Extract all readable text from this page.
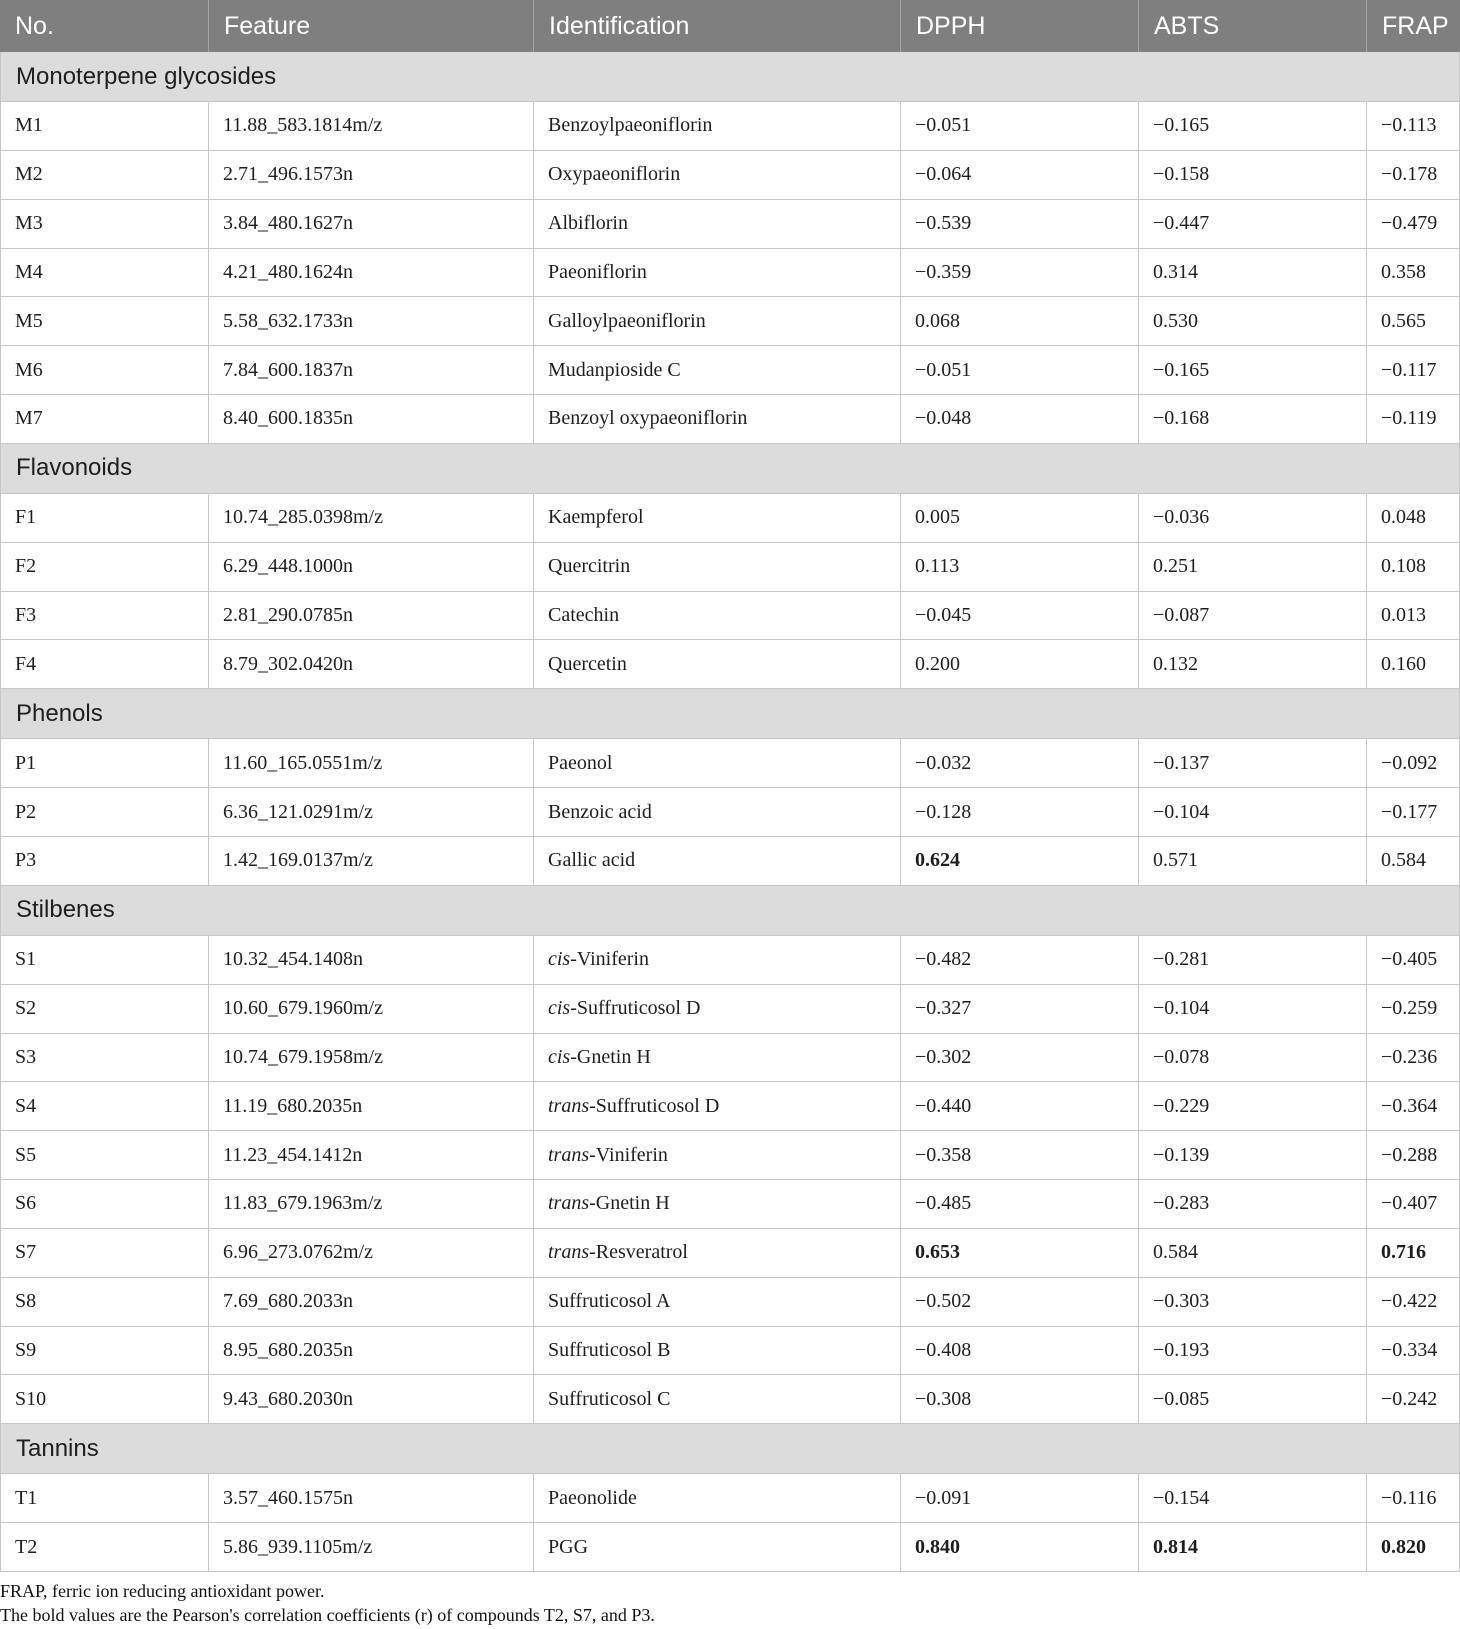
No.	Feature	Identification	DPPH	ABTS	FRAP
Monoterpene glycosides
M1	11.88_583.1814m/z	Benzoylpaeoniflorin	−0.051	−0.165	−0.113
M2	2.71_496.1573n	Oxypaeoniflorin	−0.064	−0.158	−0.178
M3	3.84_480.1627n	Albiflorin	−0.539	−0.447	−0.479
M4	4.21_480.1624n	Paeoniflorin	−0.359	0.314	0.358
M5	5.58_632.1733n	Galloylpaeoniflorin	0.068	0.530	0.565
M6	7.84_600.1837n	Mudanpioside C	−0.051	−0.165	−0.117
M7	8.40_600.1835n	Benzoyl oxypaeoniflorin	−0.048	−0.168	−0.119
Flavonoids
F1	10.74_285.0398m/z	Kaempferol	0.005	−0.036	0.048
F2	6.29_448.1000n	Quercitrin	0.113	0.251	0.108
F3	2.81_290.0785n	Catechin	−0.045	−0.087	0.013
F4	8.79_302.0420n	Quercetin	0.200	0.132	0.160
Phenols
P1	11.60_165.0551m/z	Paeonol	−0.032	−0.137	−0.092
P2	6.36_121.0291m/z	Benzoic acid	−0.128	−0.104	−0.177
P3	1.42_169.0137m/z	Gallic acid	0.624	0.571	0.584
Stilbenes
S1	10.32_454.1408n	cis -Viniferin	−0.482	−0.281	−0.405
S2	10.60_679.1960m/z	cis -Suffruticosol D	−0.327	−0.104	−0.259
S3	10.74_679.1958m/z	cis -Gnetin H	−0.302	−0.078	−0.236
S4	11.19_680.2035n	trans -Suffruticosol D	−0.440	−0.229	−0.364
S5	11.23_454.1412n	trans -Viniferin	−0.358	−0.139	−0.288
S6	11.83_679.1963m/z	trans -Gnetin H	−0.485	−0.283	−0.407
S7	6.96_273.0762m/z	trans -Resveratrol	0.653	0.584	0.716
S8	7.69_680.2033n	Suffruticosol A	−0.502	−0.303	−0.422
S9	8.95_680.2035n	Suffruticosol B	−0.408	−0.193	−0.334
S10	9.43_680.2030n	Suffruticosol C	−0.308	−0.085	−0.242
Tannins
T1	3.57_460.1575n	Paeonolide	−0.091	−0.154	−0.116
T2	5.86_939.1105m/z	PGG	0.840	0.814	0.820

FRAP, ferric ion reducing antioxidant power.

The bold values are the Pearson's correlation coefficients (r) of compounds T2, S7, and P3.
